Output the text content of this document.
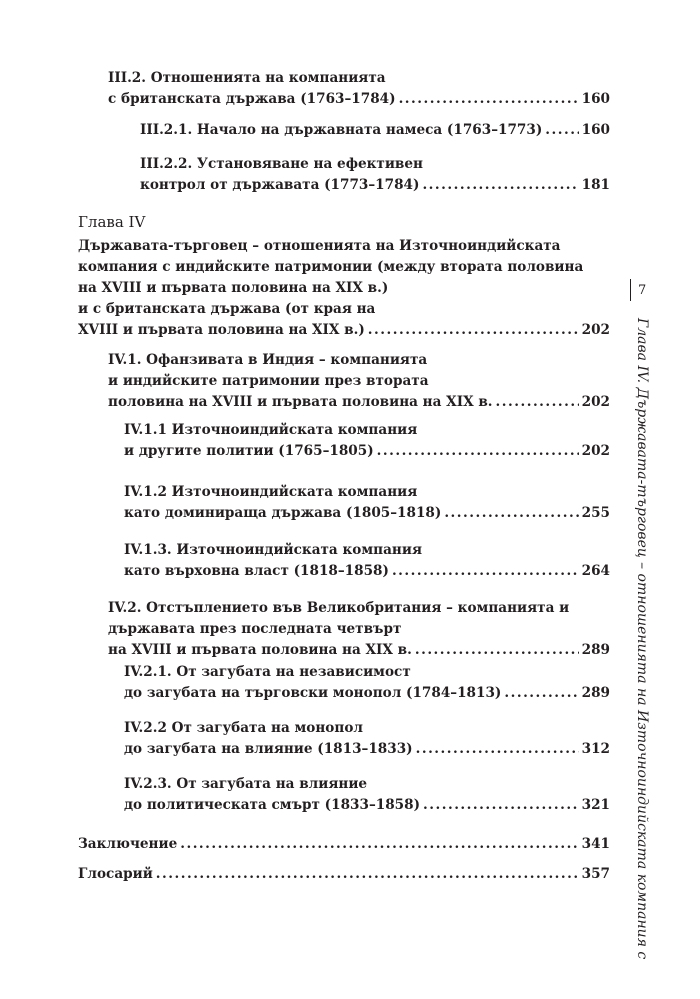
III.2. Отношенията на компанията
с британската държава (1763–1784) .....	160
III.2.1. Начало на държавната намеса (1763–1773) .....	160
III.2.2. Установяване на ефективен
контрол от държавата (1773–1784) .....	181
Глава IV
Държавата-търговец – отношенията на Източноиндийската
компания с индийските патримонии (между втората половина
на XVIII и първата половина на XIX в.)
и с британската държава (от края на
XVIII и първата половина на XIX в.) .....	202
IV.1. Офанзивата в Индия – компанията
и индийските патримонии през втората
половина на XVIII и първата половина на XIX в. .....	202
IV.1.1 Източноиндийската компания
и другите политии (1765–1805) .....	202
IV.1.2 Източноиндийската компания
като доминираща държава (1805–1818) .....	255
IV.1.3. Източноиндийската компания
като върховна власт (1818–1858) .....	264
IV.2. Отстъплението във Великобритания – компанията и
държавата през последната четвърт
на XVIII и първата половина на XIX в. .....	289
IV.2.1. От загубата на независимост
до загубата на търговски монопол (1784–1813) .....	289
IV.2.2 От загубата на монопол
до загубата на влияние (1813–1833) .....	312
IV.2.3. От загубата на влияние
до политическата смърт (1833–1858) .....	321
Заключение .....	341
Глосарий .....	357
7
Глава IV. Държавата-търговец – отношенията на Източноиндийската компания с
